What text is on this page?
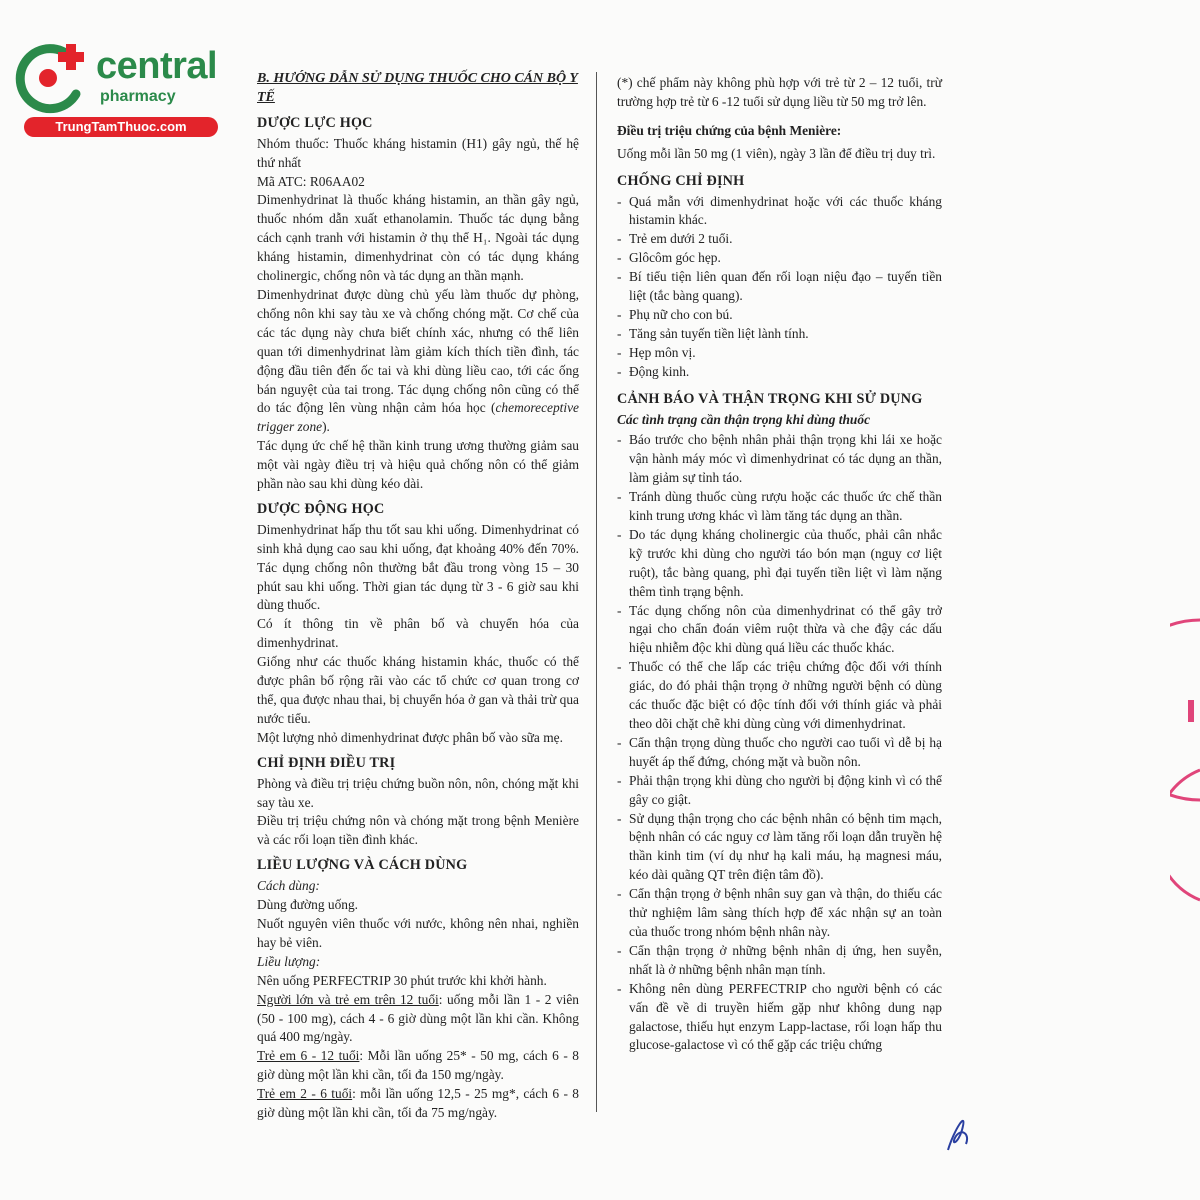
central
pharmacy
TrungTamThuoc.com
B. HƯỚNG DẪN SỬ DỤNG THUỐC CHO CÁN BỘ Y TẾ
DƯỢC LỰC HỌC

Nhóm thuốc: Thuốc kháng histamin (H1) gây ngủ, thế hệ thứ nhất

Mã ATC: R06AA02

Dimenhydrinat là thuốc kháng histamin, an thần gây ngủ, thuốc nhóm dẫn xuất ethanolamin. Thuốc tác dụng bằng cách cạnh tranh với histamin ở thụ thể H₁. Ngoài tác dụng kháng histamin, dimenhydrinat còn có tác dụng kháng cholinergic, chống nôn và tác dụng an thần mạnh.

Dimenhydrinat được dùng chủ yếu làm thuốc dự phòng, chống nôn khi say tàu xe và chống chóng mặt. Cơ chế của các tác dụng này chưa biết chính xác, nhưng có thể liên quan tới dimenhydrinat làm giảm kích thích tiền đình, tác động đầu tiên đến ốc tai và khi dùng liều cao, tới các ống bán nguyệt của tai trong. Tác dụng chống nôn cũng có thể do tác động lên vùng nhận cảm hóa học (chemoreceptive trigger zone).

Tác dụng ức chế hệ thần kinh trung ương thường giảm sau một vài ngày điều trị và hiệu quả chống nôn có thể giảm phần nào sau khi dùng kéo dài.

DƯỢC ĐỘNG HỌC

Dimenhydrinat hấp thu tốt sau khi uống. Dimenhydrinat có sinh khả dụng cao sau khi uống, đạt khoảng 40% đến 70%. Tác dụng chống nôn thường bắt đầu trong vòng 15 – 30 phút sau khi uống. Thời gian tác dụng từ 3 - 6 giờ sau khi dùng thuốc.

Có ít thông tin về phân bố và chuyển hóa của dimenhydrinat.

Giống như các thuốc kháng histamin khác, thuốc có thể được phân bố rộng rãi vào các tổ chức cơ quan trong cơ thể, qua được nhau thai, bị chuyển hóa ở gan và thải trừ qua nước tiểu.

Một lượng nhỏ dimenhydrinat được phân bố vào sữa mẹ.

CHỈ ĐỊNH ĐIỀU TRỊ

Phòng và điều trị triệu chứng buồn nôn, nôn, chóng mặt khi say tàu xe.

Điều trị triệu chứng nôn và chóng mặt trong bệnh Menière và các rối loạn tiền đình khác.

LIỀU LƯỢNG VÀ CÁCH DÙNG

Cách dùng:

Dùng đường uống.

Nuốt nguyên viên thuốc với nước, không nên nhai, nghiền hay bẻ viên.

Liều lượng:

Nên uống PERFECTRIP 30 phút trước khi khởi hành.

Người lớn và trẻ em trên 12 tuổi: uống mỗi lần 1 - 2 viên (50 - 100 mg), cách 4 - 6 giờ dùng một lần khi cần. Không quá 400 mg/ngày.

Trẻ em 6 - 12 tuổi: Mỗi lần uống 25* - 50 mg, cách 6 - 8 giờ dùng một lần khi cần, tối đa 150 mg/ngày.

Trẻ em 2 - 6 tuổi: mỗi lần uống 12,5 - 25 mg*, cách 6 - 8 giờ dùng một lần khi cần, tối đa 75 mg/ngày.

(*) chế phẩm này không phù hợp với trẻ từ 2 – 12 tuổi, trừ trường hợp trẻ từ 6 -12 tuổi sử dụng liều từ 50 mg trở lên.

Điều trị triệu chứng của bệnh Menière:

Uống mỗi lần 50 mg (1 viên), ngày 3 lần để điều trị duy trì.

CHỐNG CHỈ ĐỊNH
- Quá mẫn với dimenhydrinat hoặc với các thuốc kháng histamin khác.
- Trẻ em dưới 2 tuổi.
- Glôcôm góc hẹp.
- Bí tiểu tiện liên quan đến rối loạn niệu đạo – tuyến tiền liệt (tắc bàng quang).
- Phụ nữ cho con bú.
- Tăng sản tuyến tiền liệt lành tính.
- Hẹp môn vị.
- Động kinh.
CẢNH BÁO VÀ THẬN TRỌNG KHI SỬ DỤNG
Các tình trạng cần thận trọng khi dùng thuốc
- Báo trước cho bệnh nhân phải thận trọng khi lái xe hoặc vận hành máy móc vì dimenhydrinat có tác dụng an thần, làm giảm sự tỉnh táo.
- Tránh dùng thuốc cùng rượu hoặc các thuốc ức chế thần kinh trung ương khác vì làm tăng tác dụng an thần.
- Do tác dụng kháng cholinergic của thuốc, phải cân nhắc kỹ trước khi dùng cho người táo bón mạn (nguy cơ liệt ruột), tắc bàng quang, phì đại tuyến tiền liệt vì làm nặng thêm tình trạng bệnh.
- Tác dụng chống nôn của dimenhydrinat có thể gây trở ngại cho chẩn đoán viêm ruột thừa và che đậy các dấu hiệu nhiễm độc khi dùng quá liều các thuốc khác.
- Thuốc có thể che lấp các triệu chứng độc đối với thính giác, do đó phải thận trọng ở những người bệnh có dùng các thuốc đặc biệt có độc tính đối với thính giác và phải theo dõi chặt chẽ khi dùng cùng với dimenhydrinat.
- Cẩn thận trọng dùng thuốc cho người cao tuổi vì dễ bị hạ huyết áp thế đứng, chóng mặt và buồn nôn.
- Phải thận trọng khi dùng cho người bị động kinh vì có thể gây co giật.
- Sử dụng thận trọng cho các bệnh nhân có bệnh tim mạch, bệnh nhân có các nguy cơ làm tăng rối loạn dẫn truyền hệ thần kinh tim (ví dụ như hạ kali máu, hạ magnesi máu, kéo dài quãng QT trên điện tâm đồ).
- Cẩn thận trọng ở bệnh nhân suy gan và thận, do thiếu các thử nghiệm lâm sàng thích hợp để xác nhận sự an toàn của thuốc trong nhóm bệnh nhân này.
- Cẩn thận trọng ở những bệnh nhân dị ứng, hen suyễn, nhất là ở những bệnh nhân mạn tính.
- Không nên dùng PERFECTRIP cho người bệnh có các vấn đề về di truyền hiếm gặp như không dung nạp galactose, thiếu hụt enzym Lapp-lactase, rối loạn hấp thu glucose-galactose vì có thể gặp các triệu chứng
